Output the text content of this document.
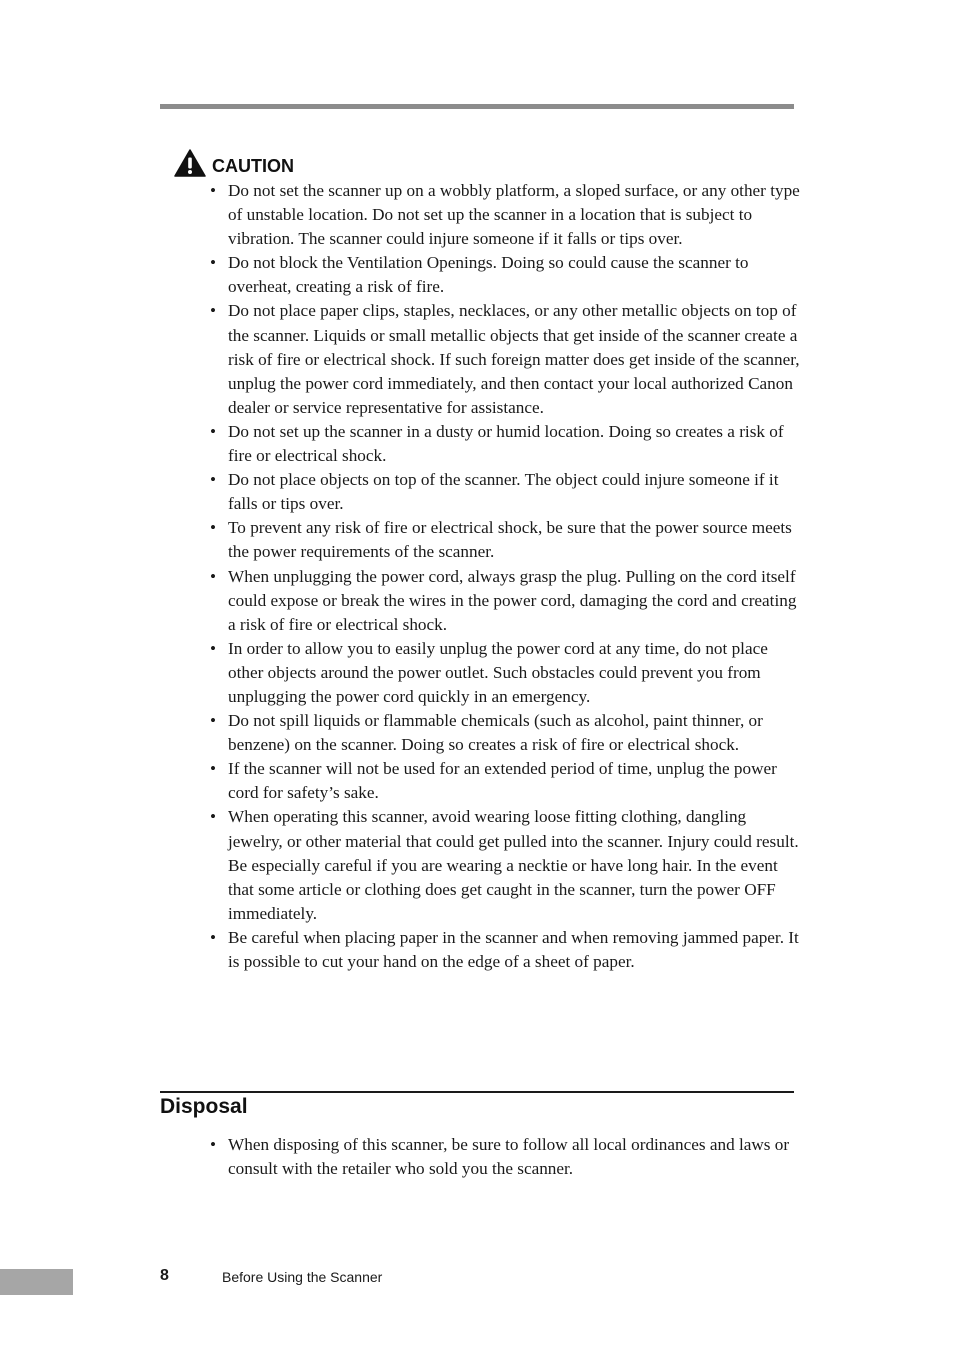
CAUTION
• Do not set the scanner up on a wobbly platform, a sloped surface, or any other type of unstable location. Do not set up the scanner in a location that is subject to vibration. The scanner could injure someone if it falls or tips over.
• Do not block the Ventilation Openings. Doing so could cause the scanner to overheat, creating a risk of fire.
• Do not place paper clips, staples, necklaces, or any other metallic objects on top of the scanner. Liquids or small metallic objects that get inside of the scanner create a risk of fire or electrical shock. If such foreign matter does get inside of the scanner, unplug the power cord immediately, and then contact your local authorized Canon dealer or service representative for assistance.
• Do not set up the scanner in a dusty or humid location. Doing so creates a risk of fire or electrical shock.
• Do not place objects on top of the scanner. The object could injure someone if it falls or tips over.
• To prevent any risk of fire or electrical shock, be sure that the power source meets the power requirements of the scanner.
• When unplugging the power cord, always grasp the plug. Pulling on the cord itself could expose or break the wires in the power cord, damaging the cord and creating a risk of fire or electrical shock.
• In order to allow you to easily unplug the power cord at any time, do not place other objects around the power outlet. Such obstacles could prevent you from unplugging the power cord quickly in an emergency.
• Do not spill liquids or flammable chemicals (such as alcohol, paint thinner, or benzene) on the scanner. Doing so creates a risk of fire or electrical shock.
• If the scanner will not be used for an extended period of time, unplug the power cord for safety’s sake.
• When operating this scanner, avoid wearing loose fitting clothing, dangling jewelry, or other material that could get pulled into the scanner. Injury could result. Be especially careful if you are wearing a necktie or have long hair. In the event that some article or clothing does get caught in the scanner, turn the power OFF immediately.
• Be careful when placing paper in the scanner and when removing jammed paper. It is possible to cut your hand on the edge of a sheet of paper.
Disposal
• When disposing of this scanner, be sure to follow all local ordinances and laws or consult with the retailer who sold you the scanner.
8	Before Using the Scanner
